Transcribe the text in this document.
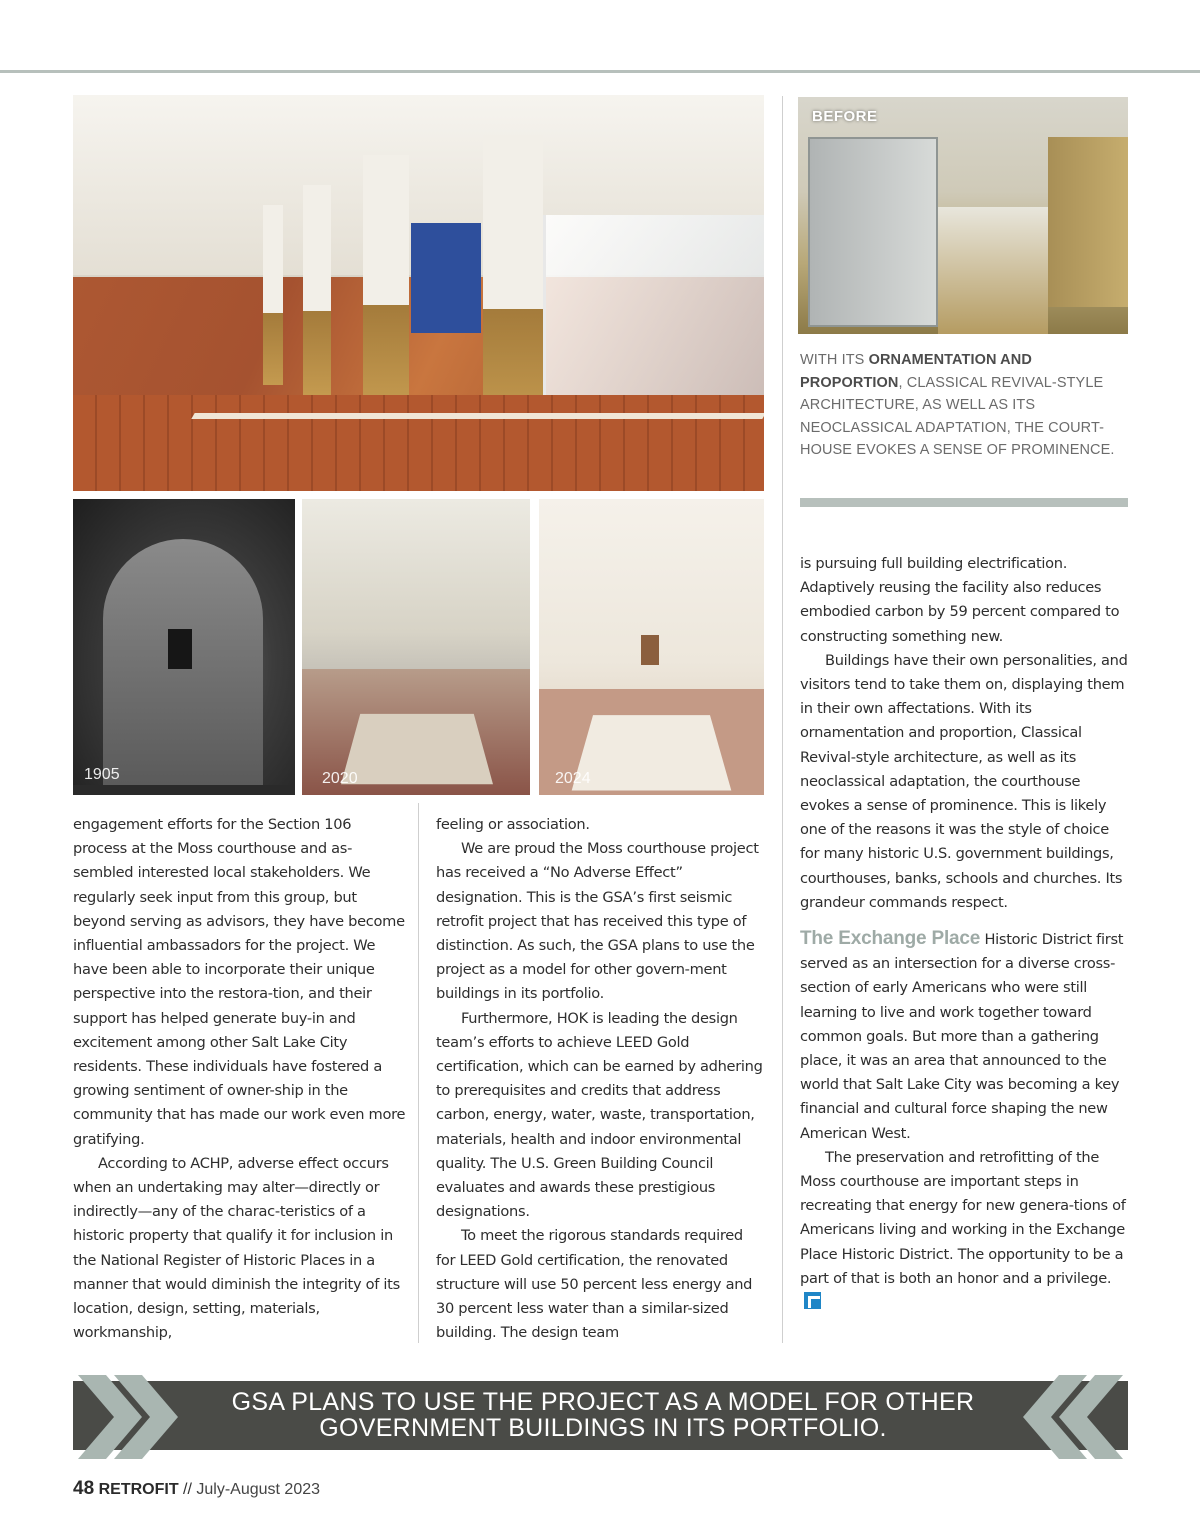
BEFORE
WITH ITS ORNAMENTATION AND PROPORTION, CLASSICAL REVIVAL-STYLE ARCHITECTURE, AS WELL AS ITS NEOCLASSICAL ADAPTATION, THE COURT-HOUSE EVOKES A SENSE OF PROMINENCE.
1905	2020	2024

engagement efforts for the Section 106 process at the Moss courthouse and as-sembled interested local stakeholders. We regularly seek input from this group, but beyond serving as advisors, they have become influential ambassadors for the project. We have been able to incorporate their unique perspective into the restora-tion, and their support has helped generate buy-in and excitement among other Salt Lake City residents. These individuals have fostered a growing sentiment of owner-ship in the community that has made our work even more gratifying.

According to ACHP, adverse effect occurs when an undertaking may alter—directly or indirectly—any of the charac-teristics of a historic property that qualify it for inclusion in the National Register of Historic Places in a manner that would diminish the integrity of its location, design, setting, materials, workmanship,

feeling or association.

We are proud the Moss courthouse project has received a “No Adverse Effect” designation. This is the GSA’s first seismic retrofit project that has received this type of distinction. As such, the GSA plans to use the project as a model for other govern-ment buildings in its portfolio.

Furthermore, HOK is leading the design team’s efforts to achieve LEED Gold certification, which can be earned by adhering to prerequisites and credits that address carbon, energy, water, waste, transportation, materials, health and indoor environmental quality. The U.S. Green Building Council evaluates and awards these prestigious designations.

To meet the rigorous standards required for LEED Gold certification, the renovated structure will use 50 percent less energy and 30 percent less water than a similar-sized building. The design team

is pursuing full building electrification. Adaptively reusing the facility also reduces embodied carbon by 59 percent compared to constructing something new.

Buildings have their own personalities, and visitors tend to take them on, displaying them in their own affectations. With its ornamentation and proportion, Classical Revival-style architecture, as well as its neoclassical adaptation, the courthouse evokes a sense of prominence. This is likely one of the reasons it was the style of choice for many historic U.S. government buildings, courthouses, banks, schools and churches. Its grandeur commands respect.

The Exchange Place Historic District first served as an intersection for a diverse cross-section of early Americans who were still learning to live and work together toward common goals. But more than a gathering place, it was an area that announced to the world that Salt Lake City was becoming a key financial and cultural force shaping the new American West.

The preservation and retrofitting of the Moss courthouse are important steps in recreating that energy for new genera-tions of Americans living and working in the Exchange Place Historic District. The opportunity to be a part of that is both an honor and a privilege.

GSA PLANS TO USE THE PROJECT AS A MODEL FOR OTHER
GOVERNMENT BUILDINGS IN ITS PORTFOLIO.
48 RETROFIT // July-August 2023
